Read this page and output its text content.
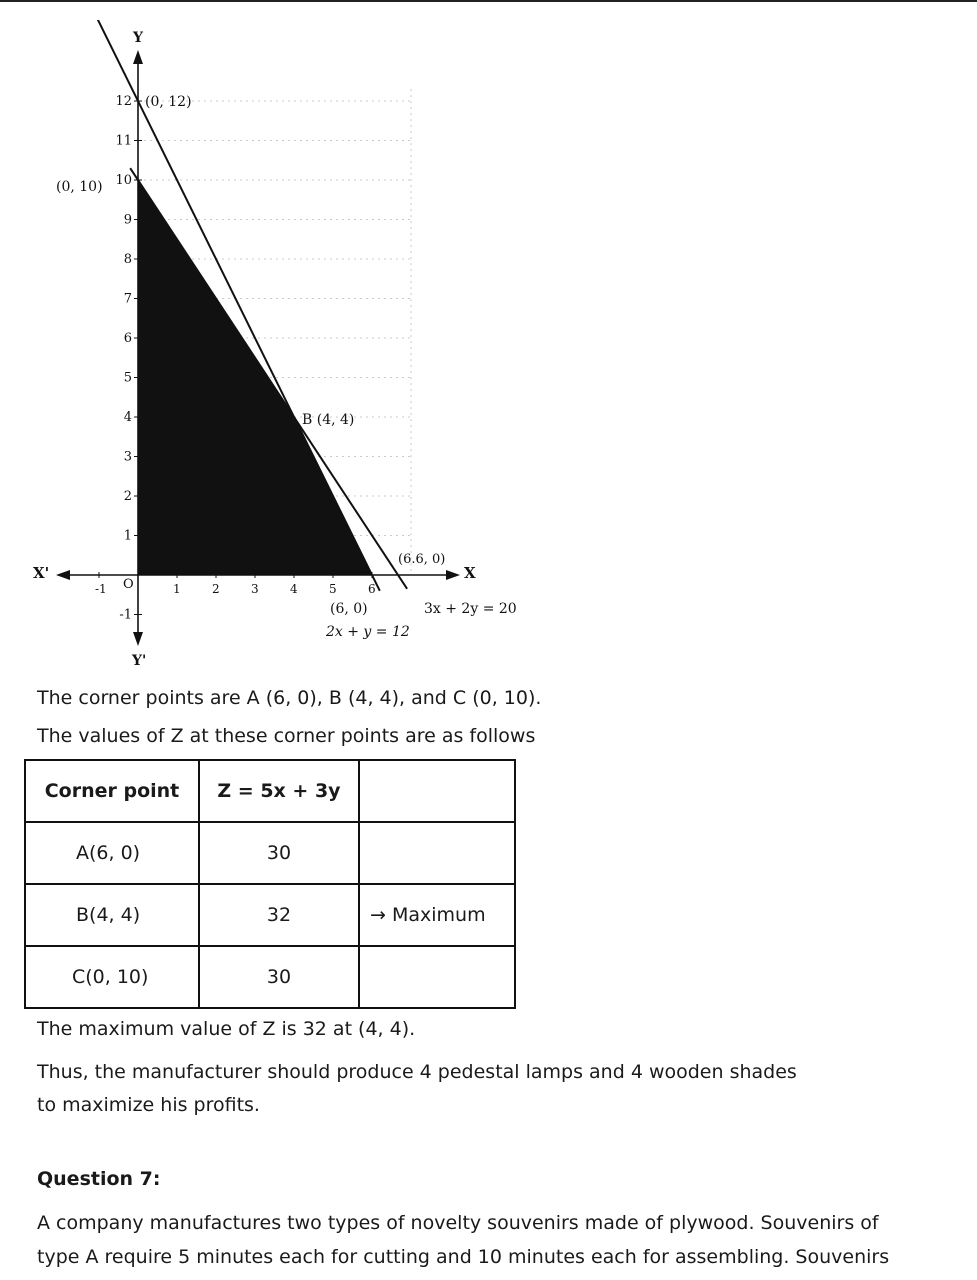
-1	1	2	3	4	5	6
-1
1
2
3
4
5
6
7
8
9
10
11
12
Y
Y'
X
X'
O
(0, 12)
(0, 10)
B (4, 4)
(6.6, 0)
(6, 0)
2x + y = 12
3x + 2y = 20

The corner points are A (6, 0), B (4, 4), and C (0, 10).

The values of Z at these corner points are as follows

Corner point	Z = 5x + 3y	
A(6, 0)	30	
B(4, 4)	32	→ Maximum
C(0, 10)	30	

The maximum value of Z is 32 at (4, 4).

Thus, the manufacturer should produce 4 pedestal lamps and 4 wooden shades

to maximize his profits.

Question 7:

A company manufactures two types of novelty souvenirs made of plywood. Souvenirs of

type A require 5 minutes each for cutting and 10 minutes each for assembling. Souvenirs
